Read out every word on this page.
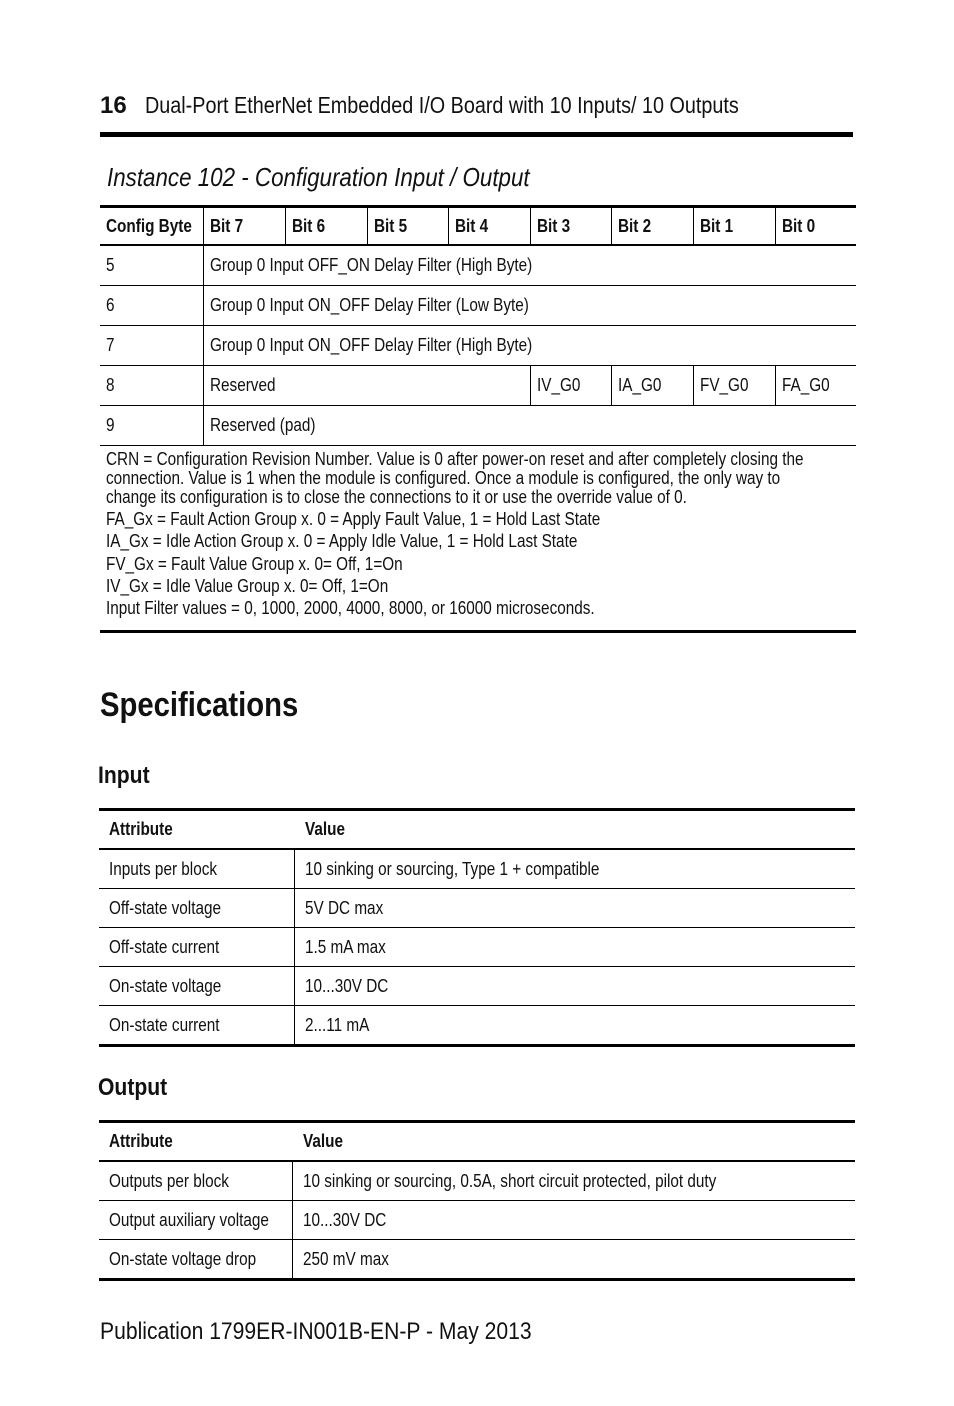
16 Dual-Port EtherNet Embedded I/O Board with 10 Inputs/ 10 Outputs
Instance 102 - Configuration Input / Output
Config Byte Bit 7	Bit 6	Bit 5	Bit 4	Bit 3	Bit 2	Bit 1	Bit 0
5	Group 0 Input OFF_ON Delay Filter (High Byte)
6	Group 0 Input ON_OFF Delay Filter (Low Byte)
7	Group 0 Input ON_OFF Delay Filter (High Byte)
8	Reserved	IV_G0 IA_G0 FV_G0 FA_G0
9	Reserved (pad)
CRN = Configuration Revision Number. Value is 0 after power-on reset and after completely closing the
connection. Value is 1 when the module is configured. Once a module is configured, the only way to
change its configuration is to close the connections to it or use the override value of 0.
FA_Gx = Fault Action Group x. 0 = Apply Fault Value, 1 = Hold Last State
IA_Gx = Idle Action Group x. 0 = Apply Idle Value, 1 = Hold Last State
FV_Gx = Fault Value Group x. 0= Off, 1=On
IV_Gx = Idle Value Group x. 0= Off, 1=On
Input Filter values = 0, 1000, 2000, 4000, 8000, or 16000 microseconds.
Specifications
Input
Attribute	Value
Inputs per block	10 sinking or sourcing, Type 1 + compatible
Off-state voltage	5V DC max
Off-state current	1.5 mA max
On-state voltage	10...30V DC
On-state current	2...11 mA
Output
Attribute	Value
Outputs per block	10 sinking or sourcing, 0.5A, short circuit protected, pilot duty
Output auxiliary voltage 10...30V DC
On-state voltage drop	250 mV max
Publication 1799ER-IN001B-EN-P - May 2013
